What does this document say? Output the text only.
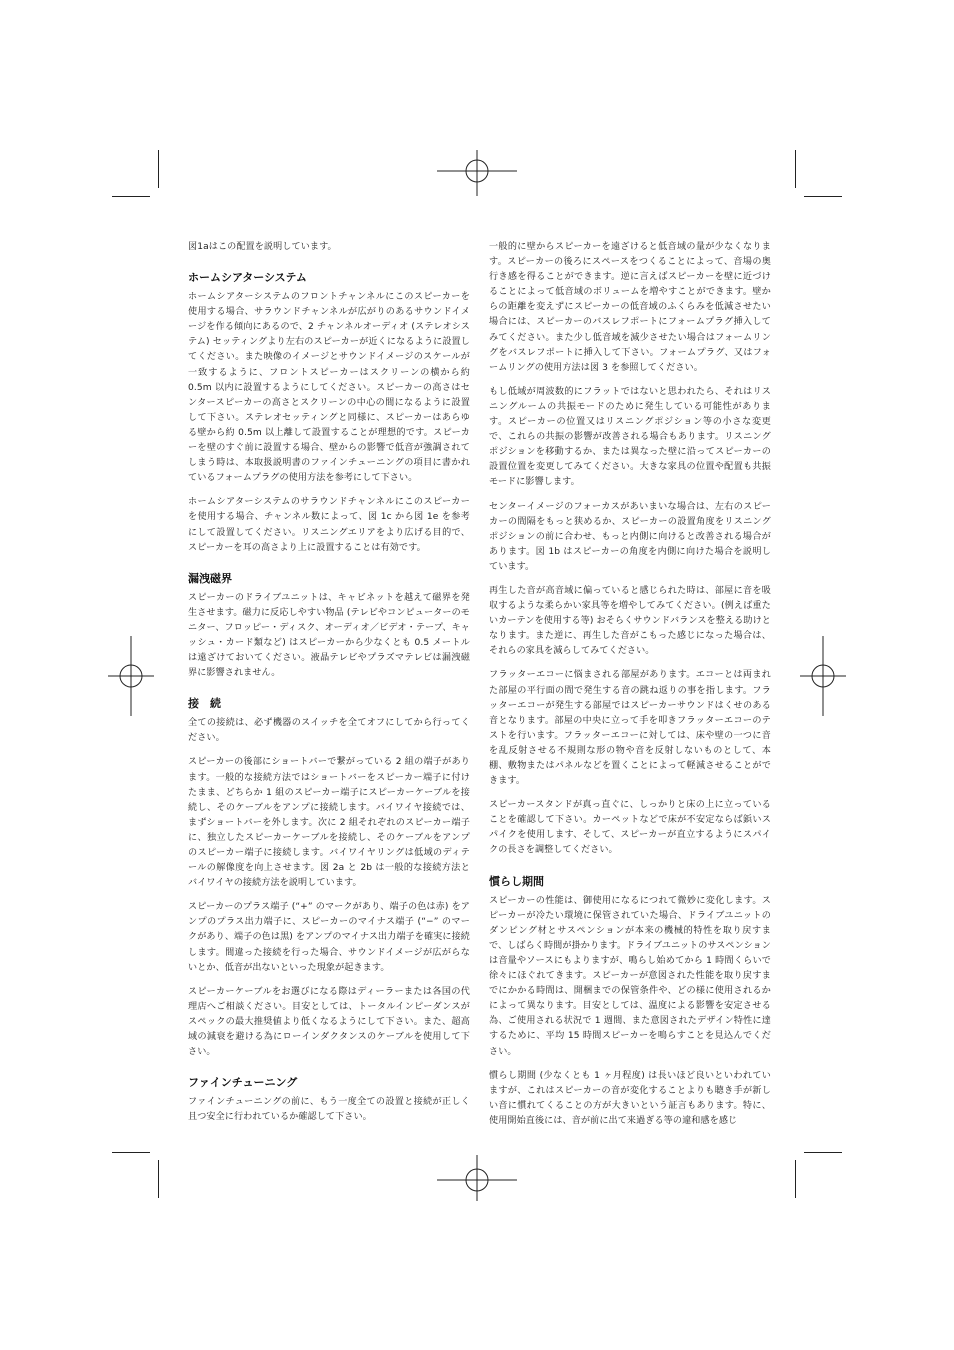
図1aはこの配置を説明しています。

ホームシアターシステム

ホームシアターシステムのフロントチャンネルにこのスピーカーを使用する場合、サラウンドチャンネルが広がりのあるサウンドイメージを作る傾向にあるので、2 チャンネルオーディオ (ステレオシステム) セッティングより左右のスピーカーが近くになるように設置してください。また映像のイメージとサウンドイメージのスケールが一致するように、フロントスピーカーはスクリーンの横から約 0.5m 以内に設置するようにしてください。スピーカーの高さはセンタースピーカーの高さとスクリーンの中心の間になるように設置して下さい。ステレオセッティングと同様に、スピーカーはあらゆる壁から約 0.5m 以上離して設置することが理想的です。スピーカーを壁のすぐ前に設置する場合、壁からの影響で低音が強調されてしまう時は、本取扱説明書のファインチューニングの項目に書かれているフォームプラグの使用方法を参考にして下さい。

ホームシアターシステムのサラウンドチャンネルにこのスピーカーを使用する場合、チャンネル数によって、図 1c から図 1e を参考にして設置してください。リスニングエリアをより広げる目的で、スピーカーを耳の高さより上に設置することは有効です。

漏洩磁界

スピーカーのドライブユニットは、キャビネットを越えて磁界を発生させます。磁力に反応しやすい物品 (テレビやコンピューターのモニター、フロッピー・ディスク、オーディオ／ビデオ・テープ、キャッシュ・カード類など) はスピーカーから少なくとも 0.5 メートルは遠ざけておいてください。液晶テレビやプラズマテレビは漏洩磁界に影響されません。

接　続

全ての接続は、必ず機器のスイッチを全てオフにしてから行ってください。

スピーカーの後部にショートバーで繋がっている 2 組の端子があります。一般的な接続方法ではショートバーをスピーカー端子に付けたまま、どちらか 1 組のスピーカー端子にスピーカーケーブルを接続し、そのケーブルをアンプに接続します。バイワイヤ接続では、まずショートバーを外します。次に 2 組それぞれのスピーカー端子に、独立したスピーカーケーブルを接続し、そのケーブルをアンプのスピーカー端子に接続します。バイワイヤリングは低域のディテールの解像度を向上させます。図 2a と 2b は一般的な接続方法とバイワイヤの接続方法を説明しています。

スピーカーのプラス端子 (“+” のマークがあり、端子の色は赤) をアンプのプラス出力端子に、スピーカーのマイナス端子 (“−” のマークがあり、端子の色は黒) をアンプのマイナス出力端子を確実に接続します。間違った接続を行った場合、サウンドイメージが広がらないとか、低音が出ないといった現象が起きます。

スピーカーケーブルをお選びになる際はディーラーまたは各国の代理店へご相談ください。目安としては、トータルインピーダンスがスペックの最大推奨値より低くなるようにして下さい。また、超高域の減衰を避ける為にローインダクタンスのケーブルを使用して下さい。

ファインチューニング

ファインチューニングの前に、もう一度全ての設置と接続が正しく且つ安全に行われているか確認して下さい。

一般的に壁からスピーカーを遠ざけると低音域の量が少なくなります。スピーカーの後ろにスペースをつくることによって、音場の奥行き感を得ることができます。逆に言えばスピーカーを壁に近づけることによって低音域のボリュームを増やすことができます。壁からの距離を変えずにスピーカーの低音域のふくらみを低減させたい場合には、スピーカーのバスレフポートにフォームプラグ挿入してみてください。また少し低音域を減少させたい場合はフォームリングをバスレフポートに挿入して下さい。フォームプラグ、又はフォームリングの使用方法は図 3 を参照してください。

もし低域が周波数的にフラットではないと思われたら、それはリスニングルームの共振モードのために発生している可能性があります。スピーカーの位置又はリスニングポジション等の小さな変更で、これらの共振の影響が改善される場合もあります。リスニングポジションを移動するか、または異なった壁に沿ってスピーカーの設置位置を変更してみてください。大きな家具の位置や配置も共振モードに影響します。

センターイメージのフォーカスがあいまいな場合は、左右のスピーカーの間隔をもっと狭めるか、スピーカーの設置角度をリスニングポジションの前に合わせ、もっと内側に向けると改善される場合があります。図 1b はスピーカーの角度を内側に向けた場合を説明しています。

再生した音が高音域に偏っていると感じられた時は、部屋に音を吸収するような柔らかい家具等を増やしてみてください。(例えば重たいカーテンを使用する等) おそらくサウンドバランスを整える助けとなります。また逆に、再生した音がこもった感じになった場合は、それらの家具を減らしてみてください。

フラッターエコーに悩まされる部屋があります。エコーとは両まれた部屋の平行面の間で発生する音の跳ね返りの事を指します。フラッターエコーが発生する部屋ではスピーカーサウンドはくせのある音となります。部屋の中央に立って手を叩きフラッターエコーのテストを行います。フラッターエコーに対しては、床や壁の一つに音を乱反射させる不規則な形の物や音を反射しないものとして、本棚、敷物またはパネルなどを置くことによって軽減させることができます。

スピーカースタンドが真っ直ぐに、しっかりと床の上に立っていることを確認して下さい。カーペットなどで床が不安定ならば鋲いスパイクを使用します、そして、スピーカーが直立するようにスパイクの長さを調整してください。

慣らし期間

スピーカーの性能は、御使用になるにつれて微妙に変化します。スピーカーが冷たい環境に保管されていた場合、ドライブユニットのダンピング材とサスペンションが本来の機械的特性を取り戻すまで、しばらく時間が掛かります。ドライブユニットのサスペンションは音量やソースにもよりますが、鳴らし始めてから 1 時間くらいで徐々にほぐれてきます。スピーカーが意図された性能を取り戻すまでにかかる時間は、開梱までの保管条件や、どの様に使用されるかによって異なります。目安としては、温度による影響を安定させる為、ご使用される状況で 1 週間、また意図されたデザイン特性に達するために、平均 15 時間スピーカーを鳴らすことを見込んでください。

慣らし期間 (少なくとも 1 ヶ月程度) は長いほど良いといわれていますが、これはスピーカーの音が変化することよりも聴き手が新しい音に慣れてくることの方が大きいという証言もあります。特に、使用開始直後には、音が前に出て来過ぎる等の違和感を感じ
